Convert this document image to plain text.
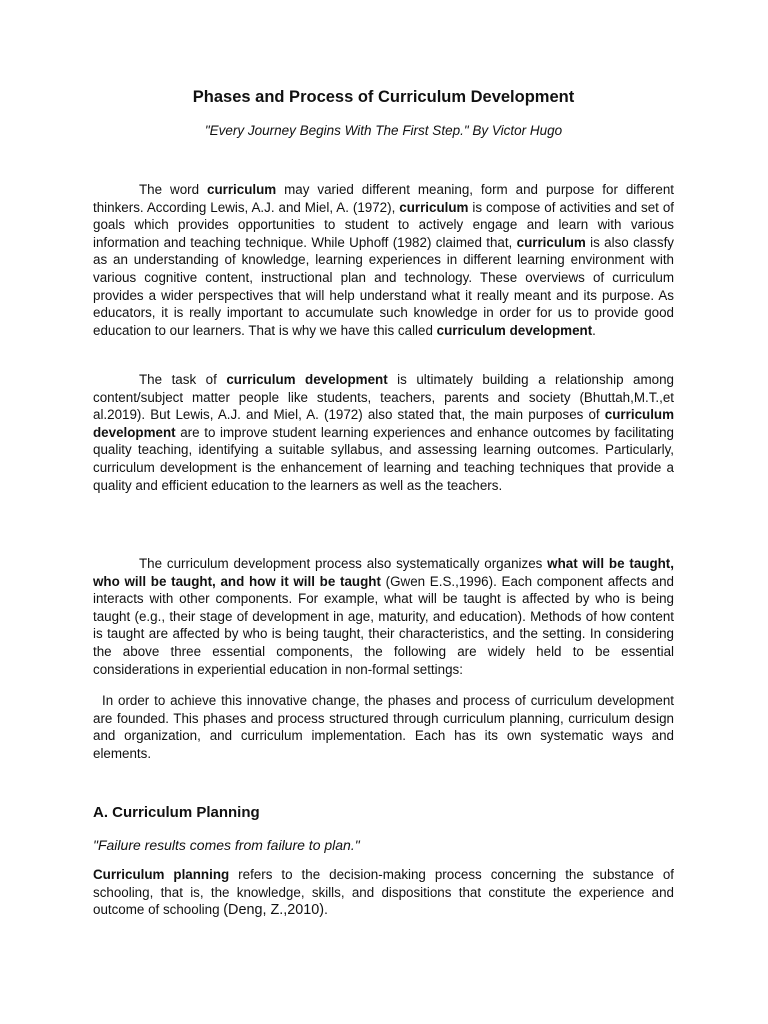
Phases and Process of Curriculum Development

"Every Journey Begins With The First Step." By Victor Hugo

The word curriculum may varied different meaning, form and purpose for different thinkers. According Lewis, A.J. and Miel, A. (1972), curriculum is compose of activities and set of goals which provides opportunities to student to actively engage and learn with various information and teaching technique. While Uphoff (1982) claimed that, curriculum is also classfy as an understanding of knowledge, learning experiences in different learning environment with various cognitive content, instructional plan and technology. These overviews of curriculum provides a wider perspectives that will help understand what it really meant and its purpose. As educators, it is really important to accumulate such knowledge in order for us to provide good education to our learners. That is why we have this called curriculum development.

The task of curriculum development is ultimately building a relationship among content/subject matter people like students, teachers, parents and society (Bhuttah,M.T.,et al.2019). But Lewis, A.J. and Miel, A. (1972) also stated that, the main purposes of curriculum development are to improve student learning experiences and enhance outcomes by facilitating quality teaching, identifying a suitable syllabus, and assessing learning outcomes. Particularly, curriculum development is the enhancement of learning and teaching techniques that provide a quality and efficient education to the learners as well as the teachers.

The curriculum development process also systematically organizes what will be taught, who will be taught, and how it will be taught (Gwen E.S.,1996). Each component affects and interacts with other components. For example, what will be taught is affected by who is being taught (e.g., their stage of development in age, maturity, and education). Methods of how content is taught are affected by who is being taught, their characteristics, and the setting. In considering the above three essential components, the following are widely held to be essential considerations in experiential education in non-formal settings:

In order to achieve this innovative change, the phases and process of curriculum development are founded. This phases and process structured through curriculum planning, curriculum design and organization, and curriculum implementation. Each has its own systematic ways and elements.

A. Curriculum Planning

"Failure results comes from failure to plan."

Curriculum planning refers to the decision-making process concerning the substance of schooling, that is, the knowledge, skills, and dispositions that constitute the experience and outcome of schooling (Deng, Z.,2010).
